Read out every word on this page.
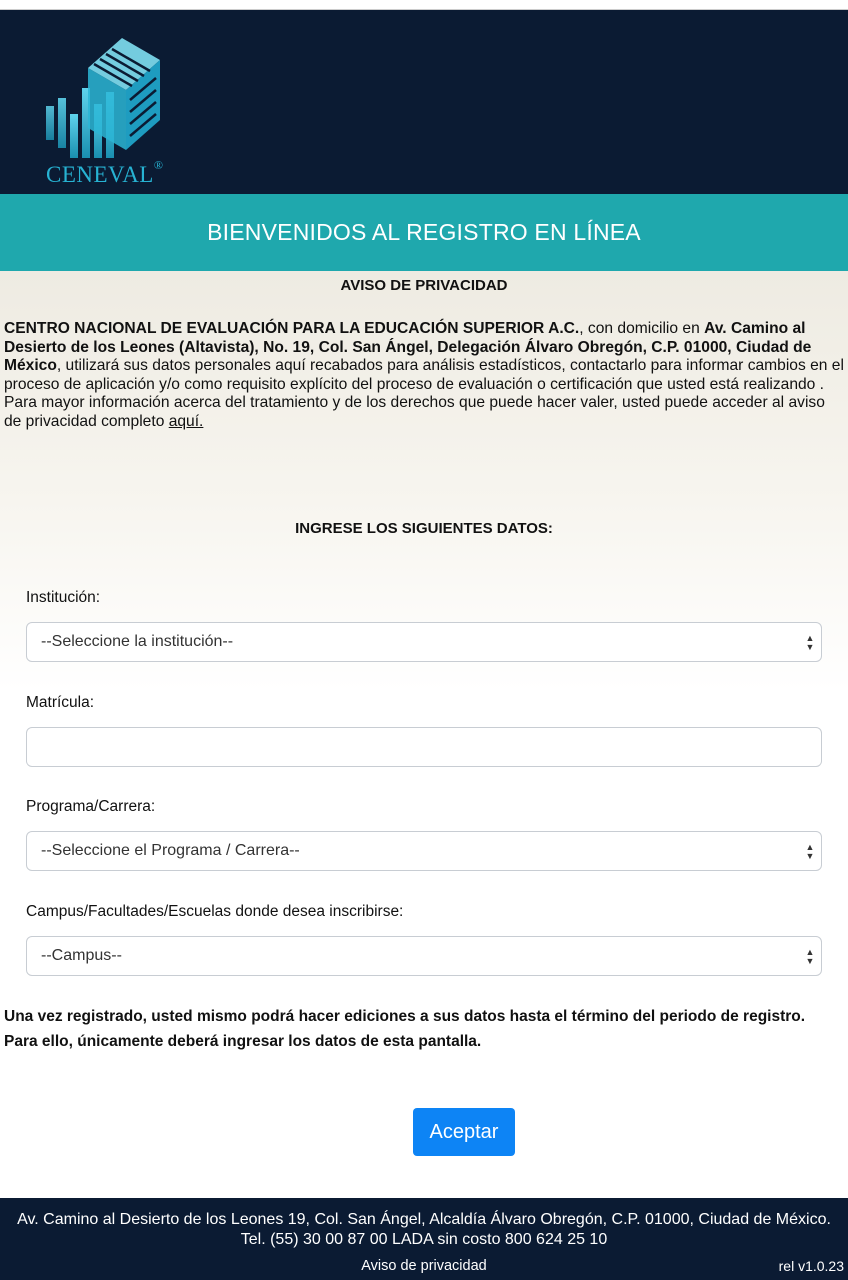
CENEVAL®
BIENVENIDOS AL REGISTRO EN LÍNEA
AVISO DE PRIVACIDAD
CENTRO NACIONAL DE EVALUACIÓN PARA LA EDUCACIÓN SUPERIOR A.C., con domicilio en Av. Camino al Desierto de los Leones (Altavista), No. 19, Col. San Ángel, Delegación Álvaro Obregón, C.P. 01000, Ciudad de México, utilizará sus datos personales aquí recabados para análisis estadísticos, contactarlo para informar cambios en el proceso de aplicación y/o como requisito explícito del proceso de evaluación o certificación que usted está realizando . Para mayor información acerca del tratamiento y de los derechos que puede hacer valer, usted puede acceder al aviso de privacidad completo aquí.
INGRESE LOS SIGUIENTES DATOS:
Institución:
--Seleccione la institución--	▲
▼
Matrícula:
Programa/Carrera:
--Seleccione el Programa / Carrera--	▲
▼
Campus/Facultades/Escuelas donde desea inscribirse:
--Campus--	▲
▼
Una vez registrado, usted mismo podrá hacer ediciones a sus datos hasta el término del periodo de registro. Para ello, únicamente deberá ingresar los datos de esta pantalla.
Aceptar
Av. Camino al Desierto de los Leones 19, Col. San Ángel, Alcaldía Álvaro Obregón, C.P. 01000, Ciudad de México. Tel. (55) 30 00 87 00 LADA sin costo 800 624 25 10
Aviso de privacidad	rel v1.0.23
